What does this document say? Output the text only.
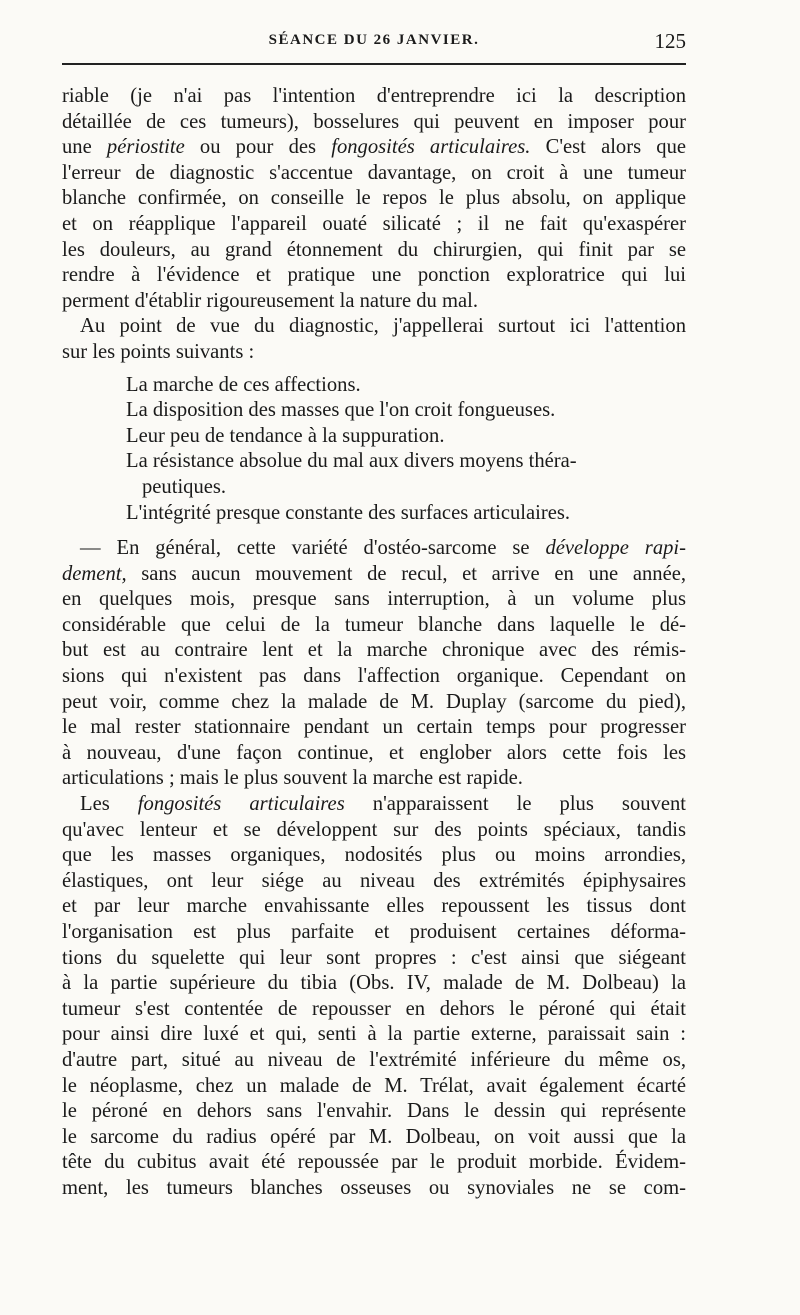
SÉANCE DU 26 JANVIER.	125
riable (je n'ai pas l'intention d'entreprendre ici la description
détaillée de ces tumeurs), bosselures qui peuvent en imposer pour
une périostite ou pour des fongosités articulaires. C'est alors que
l'erreur de diagnostic s'accentue davantage, on croit à une tumeur
blanche confirmée, on conseille le repos le plus absolu, on applique
et on réapplique l'appareil ouaté silicaté ; il ne fait qu'exaspérer
les douleurs, au grand étonnement du chirurgien, qui finit par se
rendre à l'évidence et pratique une ponction exploratrice qui lui
perment d'établir rigoureusement la nature du mal.
Au point de vue du diagnostic, j'appellerai surtout ici l'attention
sur les points suivants :
La marche de ces affections.
La disposition des masses que l'on croit fongueuses.
Leur peu de tendance à la suppuration.
La résistance absolue du mal aux divers moyens théra-
peutiques.
L'intégrité presque constante des surfaces articulaires.
— En général, cette variété d'ostéo-sarcome se développe rapi-
dement, sans aucun mouvement de recul, et arrive en une année,
en quelques mois, presque sans interruption, à un volume plus
considérable que celui de la tumeur blanche dans laquelle le dé-
but est au contraire lent et la marche chronique avec des rémis-
sions qui n'existent pas dans l'affection organique. Cependant on
peut voir, comme chez la malade de M. Duplay (sarcome du pied),
le mal rester stationnaire pendant un certain temps pour progresser
à nouveau, d'une façon continue, et englober alors cette fois les
articulations ; mais le plus souvent la marche est rapide.
Les fongosités articulaires n'apparaissent le plus souvent
qu'avec lenteur et se développent sur des points spéciaux, tandis
que les masses organiques, nodosités plus ou moins arrondies,
élastiques, ont leur siége au niveau des extrémités épiphysaires
et par leur marche envahissante elles repoussent les tissus dont
l'organisation est plus parfaite et produisent certaines déforma-
tions du squelette qui leur sont propres : c'est ainsi que siégeant
à la partie supérieure du tibia (Obs. IV, malade de M. Dolbeau) la
tumeur s'est contentée de repousser en dehors le péroné qui était
pour ainsi dire luxé et qui, senti à la partie externe, paraissait sain :
d'autre part, situé au niveau de l'extrémité inférieure du même os,
le néoplasme, chez un malade de M. Trélat, avait également écarté
le péroné en dehors sans l'envahir. Dans le dessin qui représente
le sarcome du radius opéré par M. Dolbeau, on voit aussi que la
tête du cubitus avait été repoussée par le produit morbide. Évidem-
ment, les tumeurs blanches osseuses ou synoviales ne se com-
